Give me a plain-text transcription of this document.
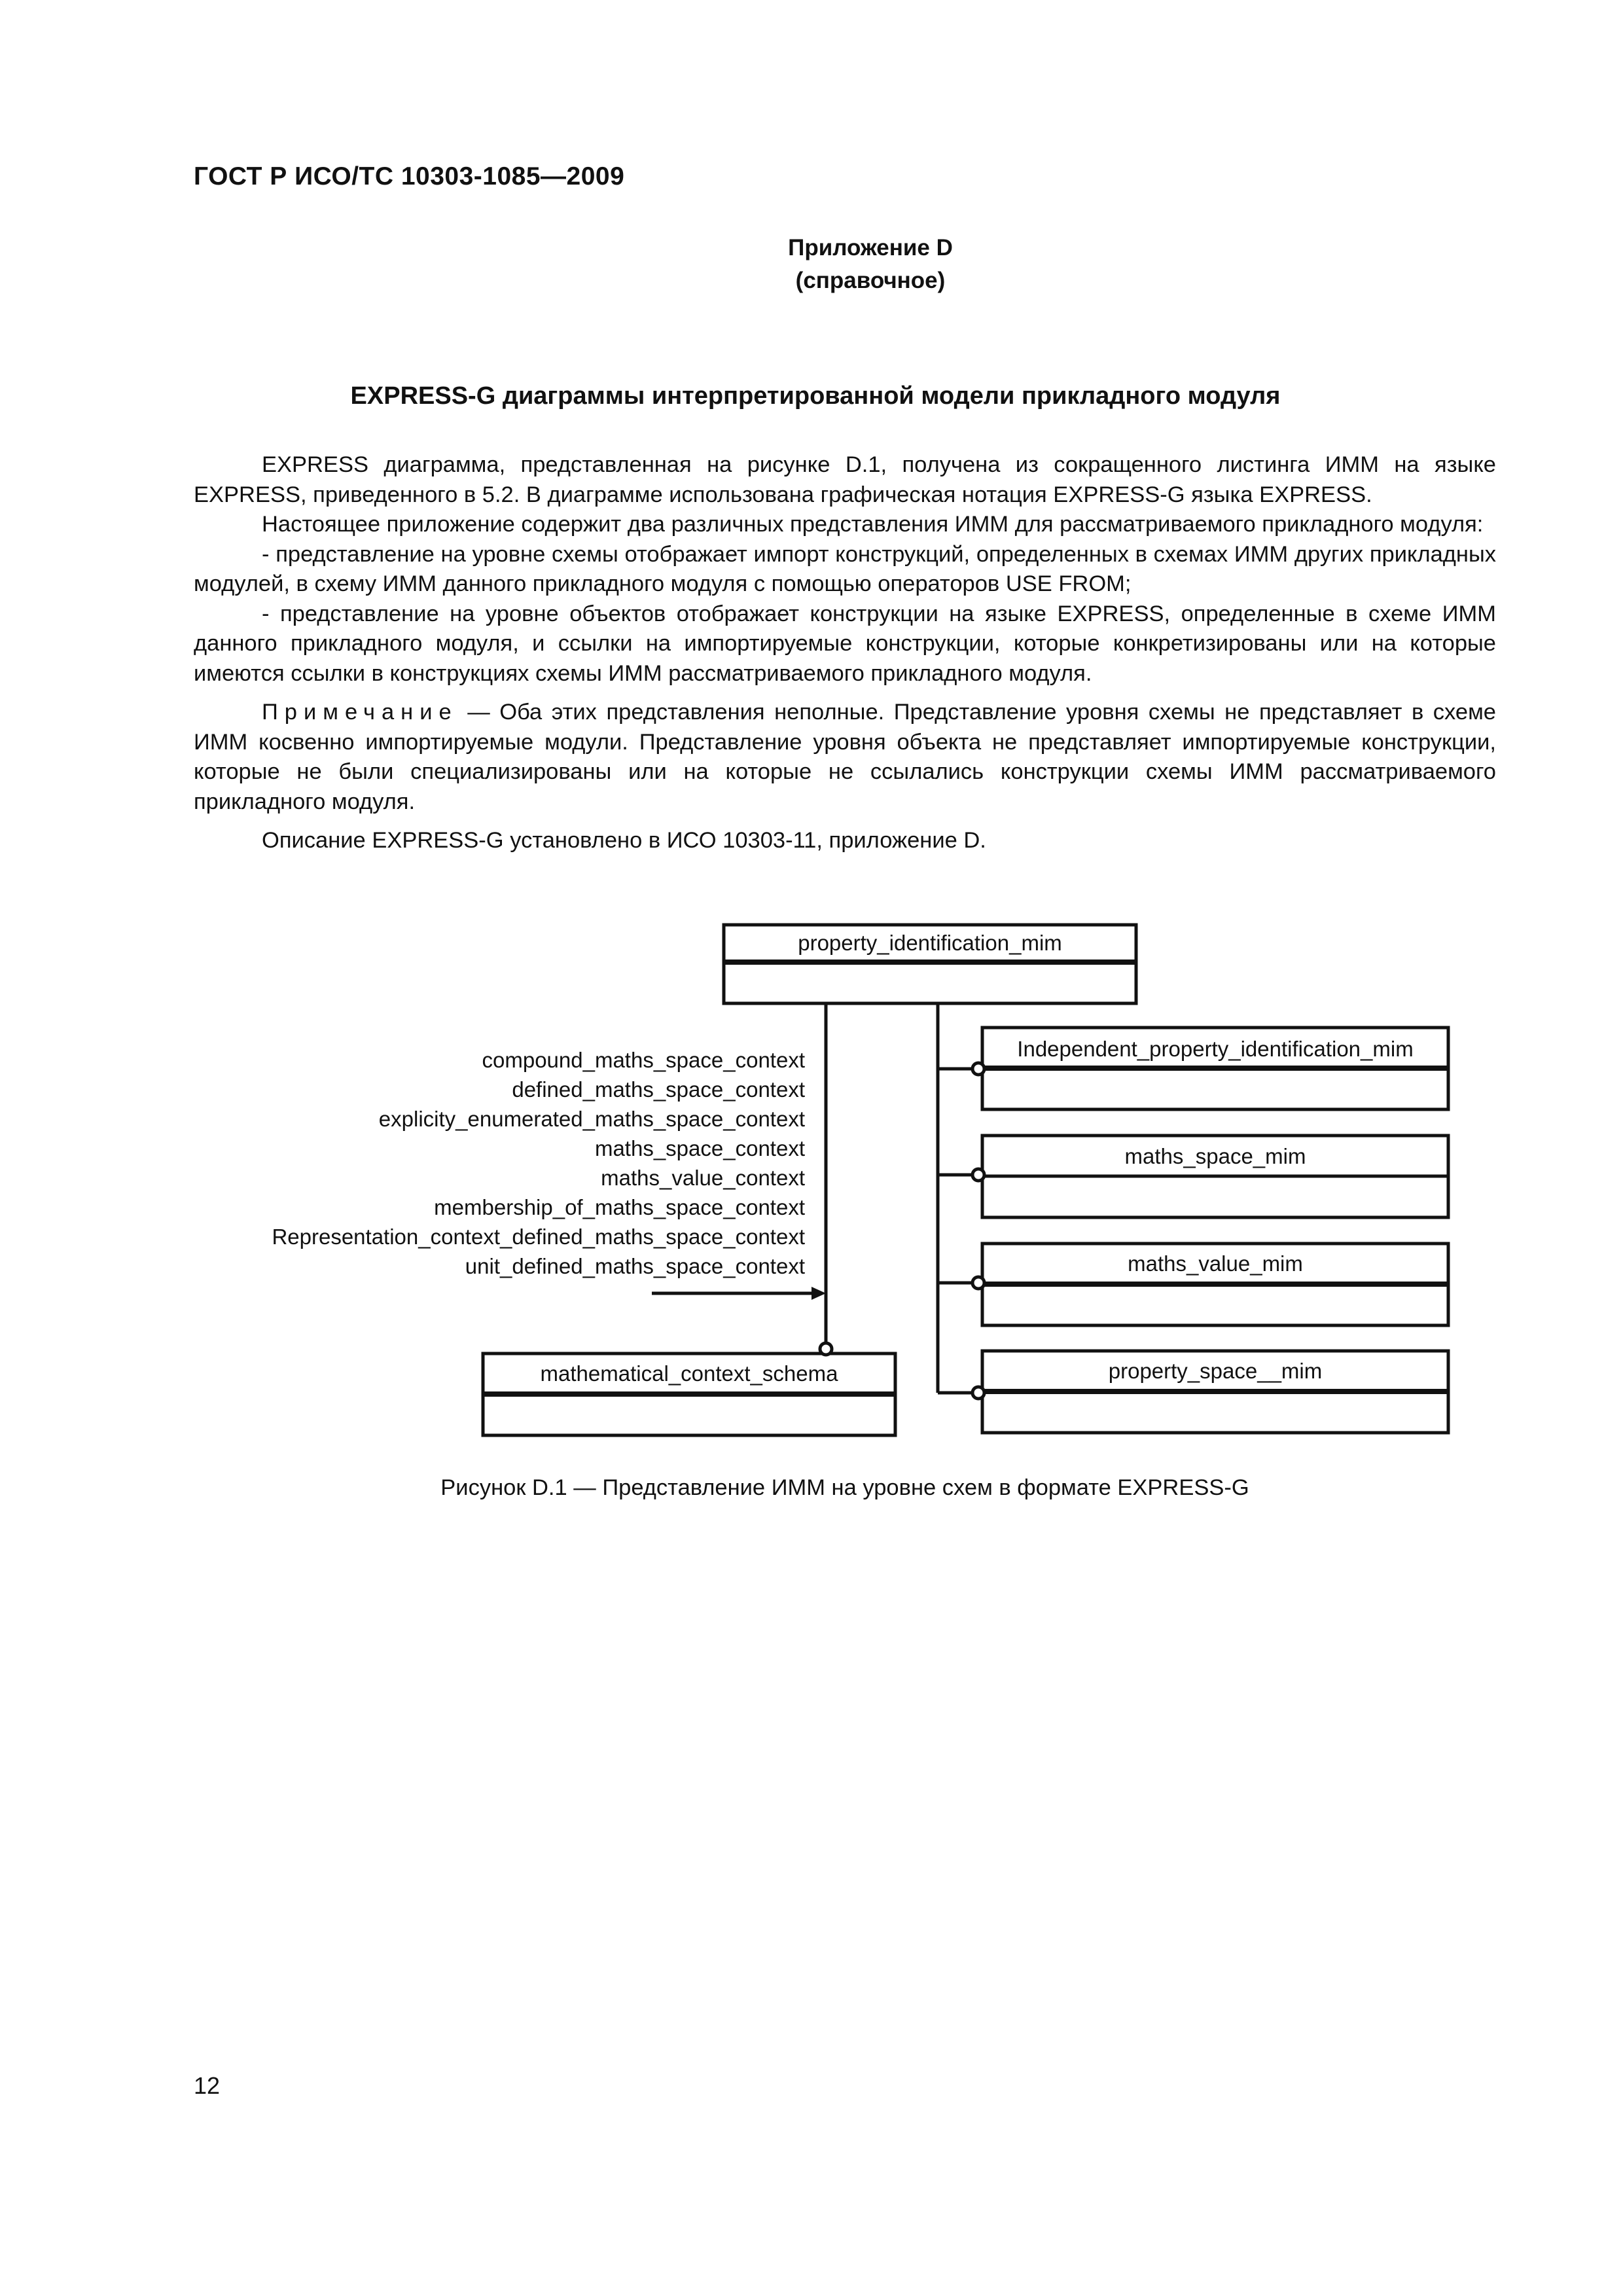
ГОСТ Р ИСО/ТС 10303-1085—2009
Приложение D
(справочное)
EXPRESS-G диаграммы интерпретированной модели прикладного модуля

EXPRESS диаграмма, представленная на рисунке D.1, получена из сокращенного листинга ИММ на языке EXPRESS, приведенного в 5.2. В диаграмме использована графическая нотация EXPRESS-G языка EXPRESS.

Настоящее приложение содержит два различных представления ИММ для рассматриваемого прикладного модуля:

- представление на уровне схемы отображает импорт конструкций, определенных в схемах ИММ других прикладных модулей, в схему ИММ данного прикладного модуля с помощью операторов USE FROM;

- представление на уровне объектов отображает конструкции на языке EXPRESS, определенные в схеме ИММ данного прикладного модуля, и ссылки на импортируемые конструкции, которые конкретизированы или на которые имеются ссылки в конструкциях схемы ИММ рассматриваемого прикладного модуля.

Примечание — Оба этих представления неполные. Представление уровня схемы не представляет в схеме ИММ косвенно импортируемые модули. Представление уровня объекта не представляет импортируемые конструкции, которые не были специализированы или на которые не ссылались конструкции схемы ИММ рассматриваемого прикладного модуля.

Описание EXPRESS-G установлено в ИСО 10303-11, приложение D.

property_identification_mim
Independent_property_identification_mim
maths_space_mim
maths_value_mim
property_space__mim
mathematical_context_schema
compound_maths_space_context
defined_maths_space_context
explicity_enumerated_maths_space_context
maths_space_context
maths_value_context
membership_of_maths_space_context
Representation_context_defined_maths_space_context
unit_defined_maths_space_context
Рисунок D.1 — Представление ИММ на уровне схем в формате EXPRESS-G
12
